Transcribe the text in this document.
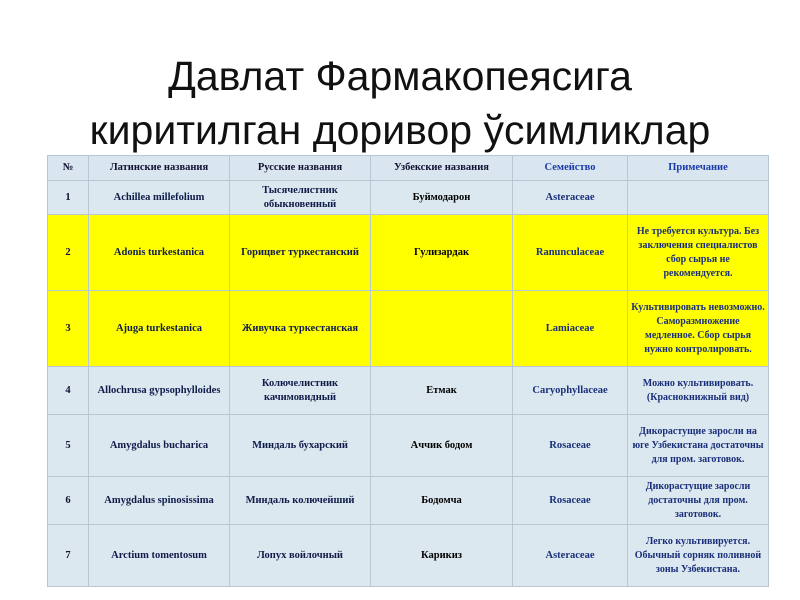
Давлат Фармакопеясига
киритилган доривор ўсимликлар
№	Латинские названия	Русские названия	Узбекские названия	Семейство	Примечание
1	Achillea millefolium	Тысячелистник обыкновенный	Буймодарон	Asteraceae	
2	Adonis turkestanica	Горицвет туркестанский	Гулизардак	Ranunculaceae	Не требуется культура. Без заключения специалистов сбор сырья не рекомендуется.
3	Ajuga turkestanica	Живучка туркестанская		Lamiaceae	Культивировать невозможно. Саморазмножение медленное. Сбор сырья нужно контролировать.
4	Allochrusa gypsophylloides	Колючелистник качимовидный	Етмак	Caryophyllaceae	Можно культивировать. (Краснокнижный вид)
5	Amygdalus bucharica	Миндаль бухарский	Аччик бодом	Rosaceae	Дикорастущие заросли на юге Узбекистана достаточны для пром. заготовок.
6	Amygdalus spinosissima	Миндаль колючейший	Бодомча	Rosaceae	Дикорастущие заросли достаточны для пром. заготовок.
7	Arctium tomentosum	Лопух войлочный	Карикиз	Asteraceae	Легко культивируется. Обычный сорняк поливной зоны Узбекистана.
